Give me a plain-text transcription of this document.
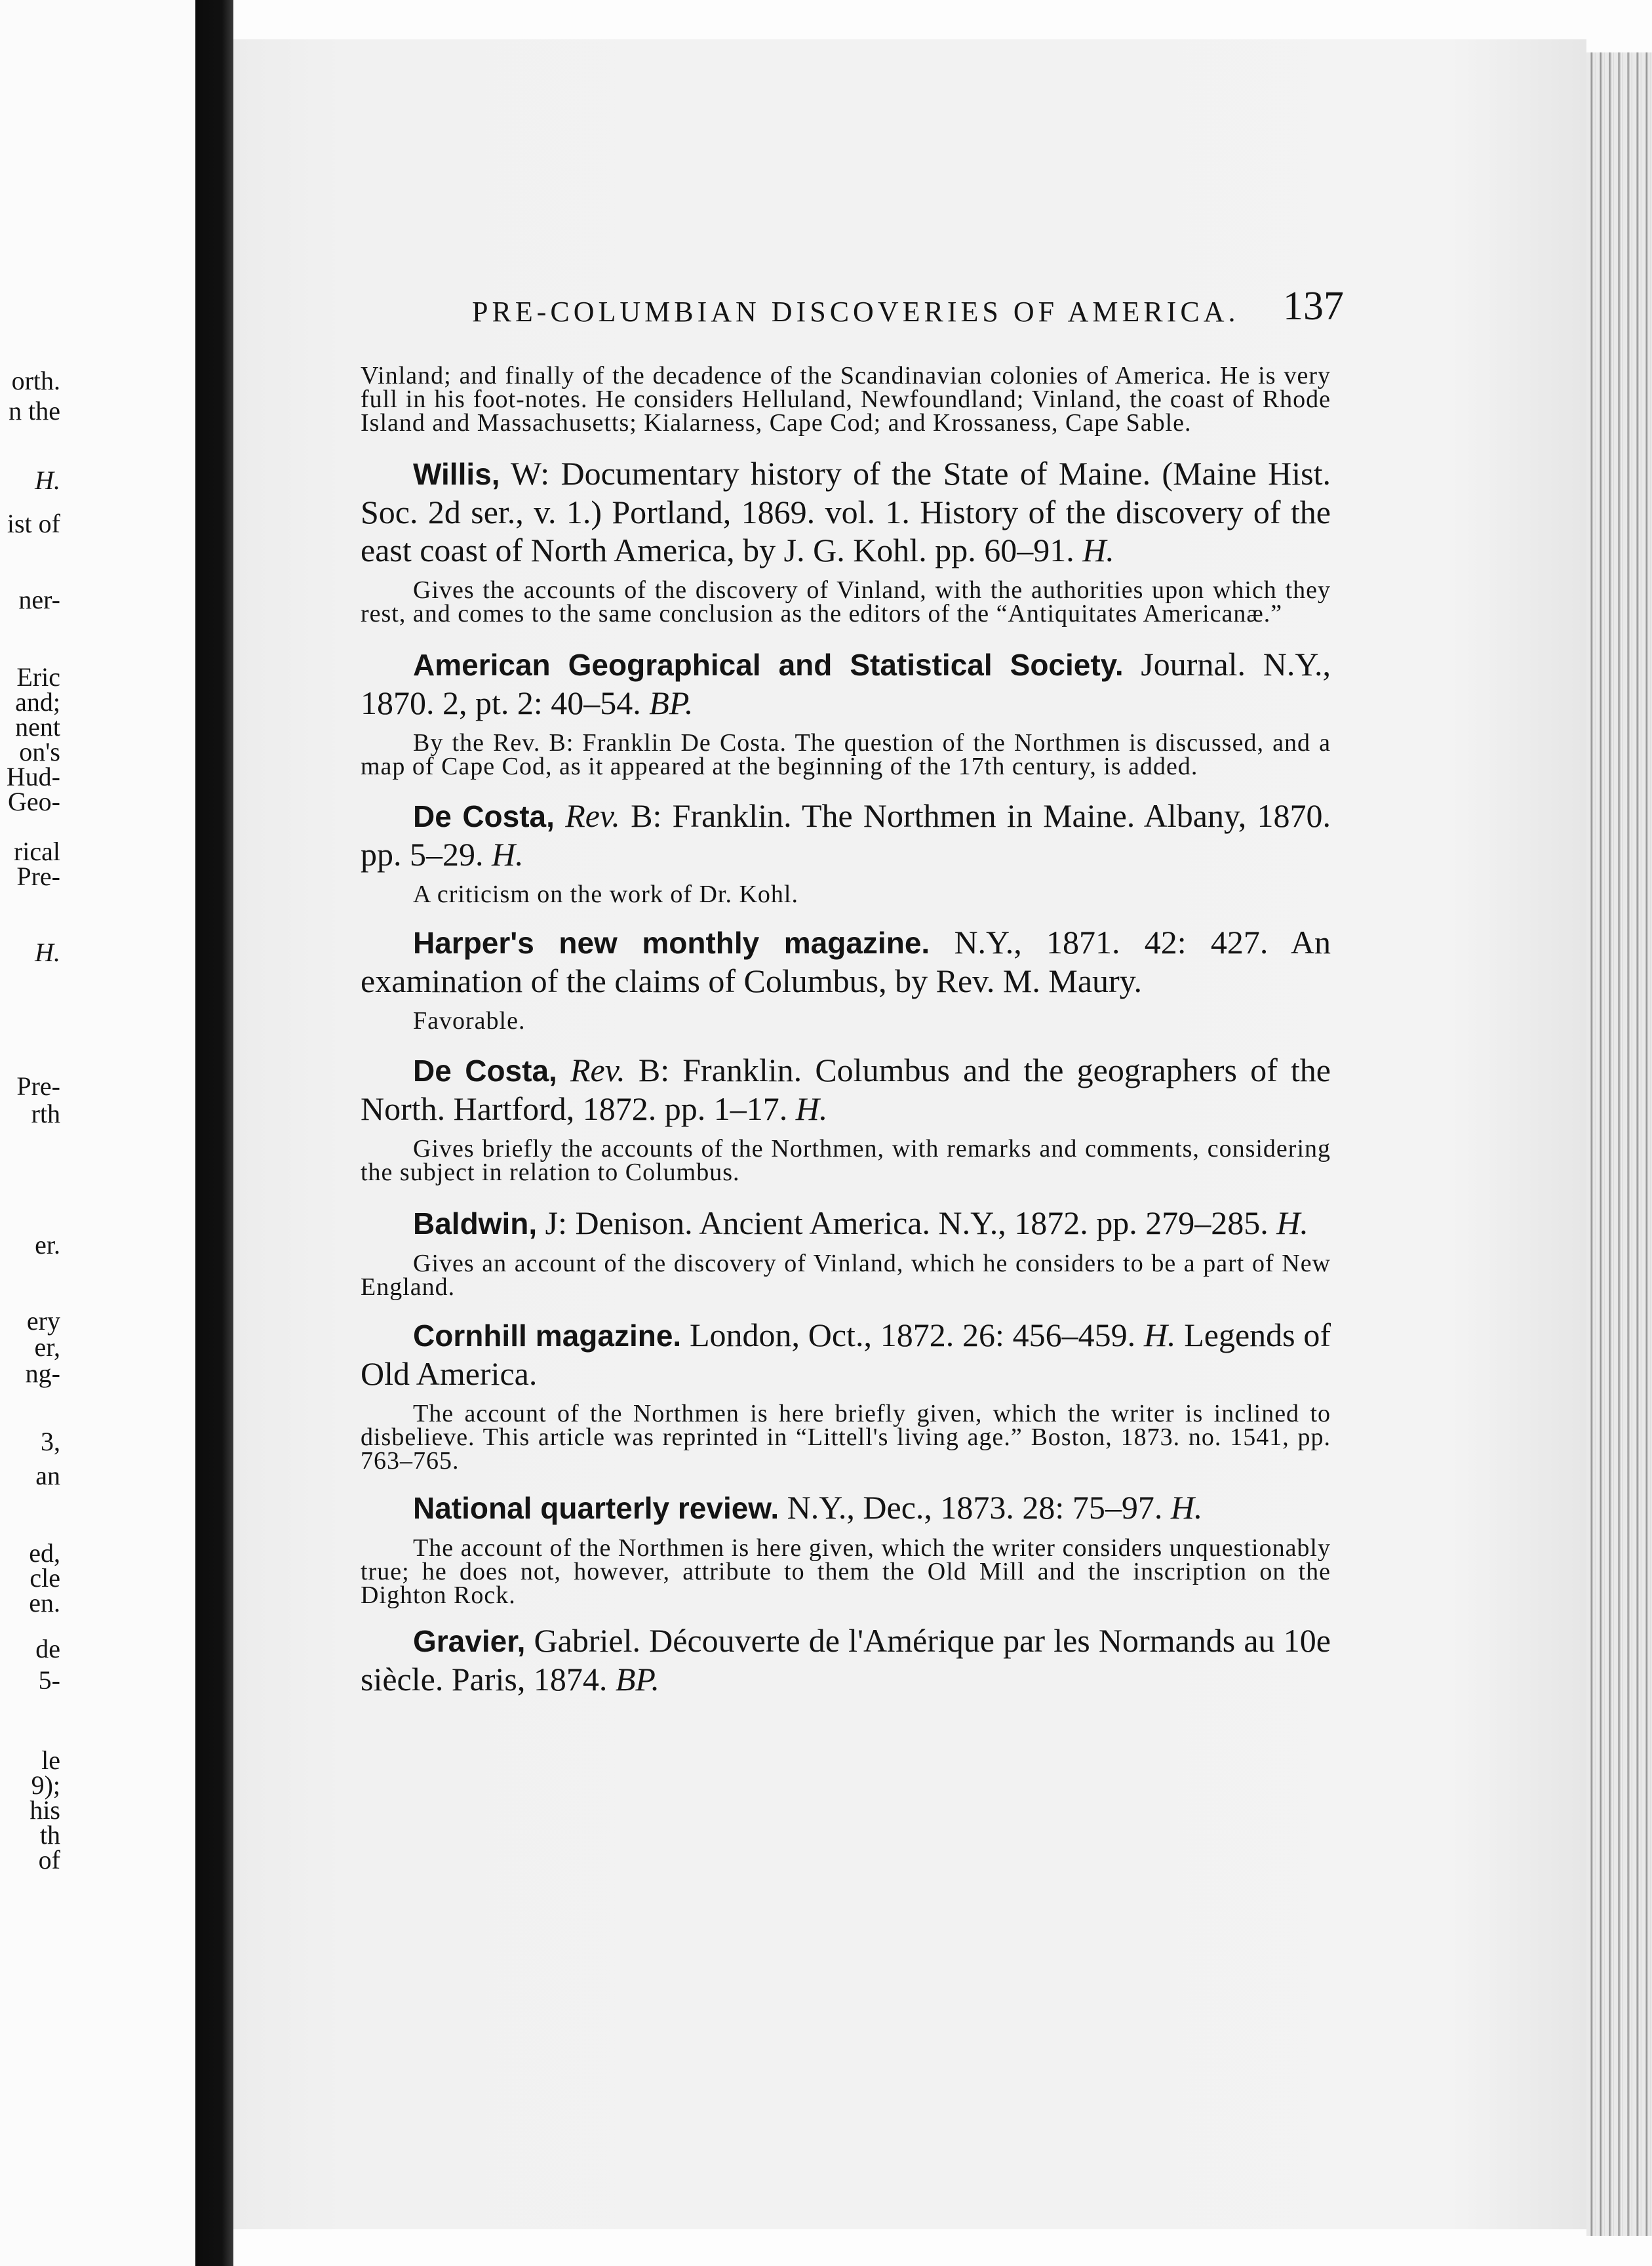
orth.
n the
H.
ist of
ner-
Eric
and;
nent
on's
Hud-
Geo-
rical
Pre-
H.
Pre-
rth
er.
ery
er,
ng-
3,
an
ed,
cle
en.
de
5-
le
9);
his
th
of
PRE-COLUMBIAN DISCOVERIES OF AMERICA. 137

Vinland; and finally of the decadence of the Scandinavian colonies of America. He is very full in his foot-notes. He considers Helluland, Newfoundland; Vinland, the coast of Rhode Island and Massachusetts; Kialarness, Cape Cod; and Krossaness, Cape Sable.

Willis, W: Documentary history of the State of Maine. (Maine Hist. Soc. 2d ser., v. 1.) Portland, 1869. vol. 1. History of the discovery of the east coast of North America, by J. G. Kohl. pp. 60–91. H.

Gives the accounts of the discovery of Vinland, with the authorities upon which they rest, and comes to the same conclusion as the editors of the “Antiquitates Americanæ.”

American Geographical and Statistical Society. Journal. N.Y., 1870. 2, pt. 2: 40–54. BP.

By the Rev. B: Franklin De Costa. The question of the Northmen is discussed, and a map of Cape Cod, as it appeared at the beginning of the 17th century, is added.

De Costa, Rev. B: Franklin. The Northmen in Maine. Albany, 1870. pp. 5–29. H.

A criticism on the work of Dr. Kohl.

Harper's new monthly magazine. N.Y., 1871. 42: 427. An examination of the claims of Columbus, by Rev. M. Maury.

Favorable.

De Costa, Rev. B: Franklin. Columbus and the geographers of the North. Hartford, 1872. pp. 1–17. H.

Gives briefly the accounts of the Northmen, with remarks and comments, considering the subject in relation to Columbus.

Baldwin, J: Denison. Ancient America. N.Y., 1872. pp. 279–285. H.

Gives an account of the discovery of Vinland, which he considers to be a part of New England.

Cornhill magazine. London, Oct., 1872. 26: 456–459. H. Legends of Old America.

The account of the Northmen is here briefly given, which the writer is inclined to disbelieve. This article was reprinted in “Littell's living age.” Boston, 1873. no. 1541, pp. 763–765.

National quarterly review. N.Y., Dec., 1873. 28: 75–97. H.

The account of the Northmen is here given, which the writer considers unquestionably true; he does not, however, attribute to them the Old Mill and the inscription on the Dighton Rock.

Gravier, Gabriel. Découverte de l'Amérique par les Normands au 10e siècle. Paris, 1874. BP.
